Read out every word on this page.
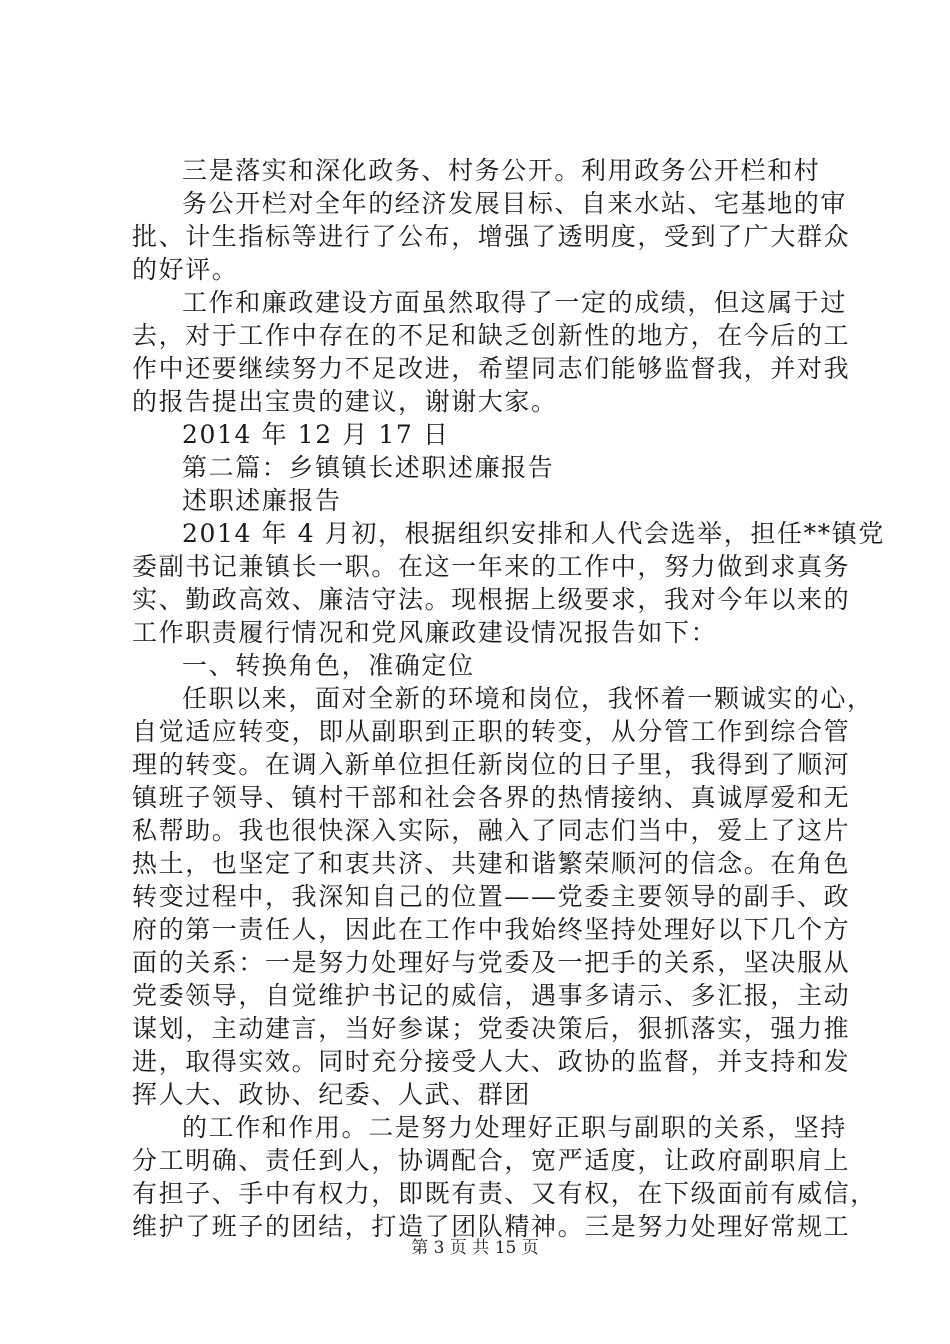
三是落实和深化政务、村务公开。利用政务公开栏和村
务公开栏对全年的经济发展目标、自来水站、宅基地的审
批、计生指标等进行了公布，增强了透明度，受到了广大群众
的好评。
工作和廉政建设方面虽然取得了一定的成绩，但这属于过
去，对于工作中存在的不足和缺乏创新性的地方，在今后的工
作中还要继续努力不足改进，希望同志们能够监督我，并对我
的报告提出宝贵的建议，谢谢大家。
2014 年 12 月 17 日
第二篇：乡镇镇长述职述廉报告
述职述廉报告
2014 年 4 月初，根据组织安排和人代会选举，担任**镇党
委副书记兼镇长一职。在这一年来的工作中，努力做到求真务
实、勤政高效、廉洁守法。现根据上级要求，我对今年以来的
工作职责履行情况和党风廉政建设情况报告如下：
一、转换角色，准确定位
任职以来，面对全新的环境和岗位，我怀着一颗诚实的心，
自觉适应转变，即从副职到正职的转变，从分管工作到综合管
理的转变。在调入新单位担任新岗位的日子里，我得到了顺河
镇班子领导、镇村干部和社会各界的热情接纳、真诚厚爱和无
私帮助。我也很快深入实际，融入了同志们当中，爱上了这片
热土，也坚定了和衷共济、共建和谐繁荣顺河的信念。在角色
转变过程中，我深知自己的位置——党委主要领导的副手、政
府的第一责任人，因此在工作中我始终坚持处理好以下几个方
面的关系：一是努力处理好与党委及一把手的关系，坚决服从
党委领导，自觉维护书记的威信，遇事多请示、多汇报，主动
谋划，主动建言，当好参谋；党委决策后，狠抓落实，强力推
进，取得实效。同时充分接受人大、政协的监督，并支持和发
挥人大、政协、纪委、人武、群团
的工作和作用。二是努力处理好正职与副职的关系，坚持
分工明确、责任到人，协调配合，宽严适度，让政府副职肩上
有担子、手中有权力，即既有责、又有权，在下级面前有威信，
维护了班子的团结，打造了团队精神。三是努力处理好常规工
第 3 页 共 15 页
